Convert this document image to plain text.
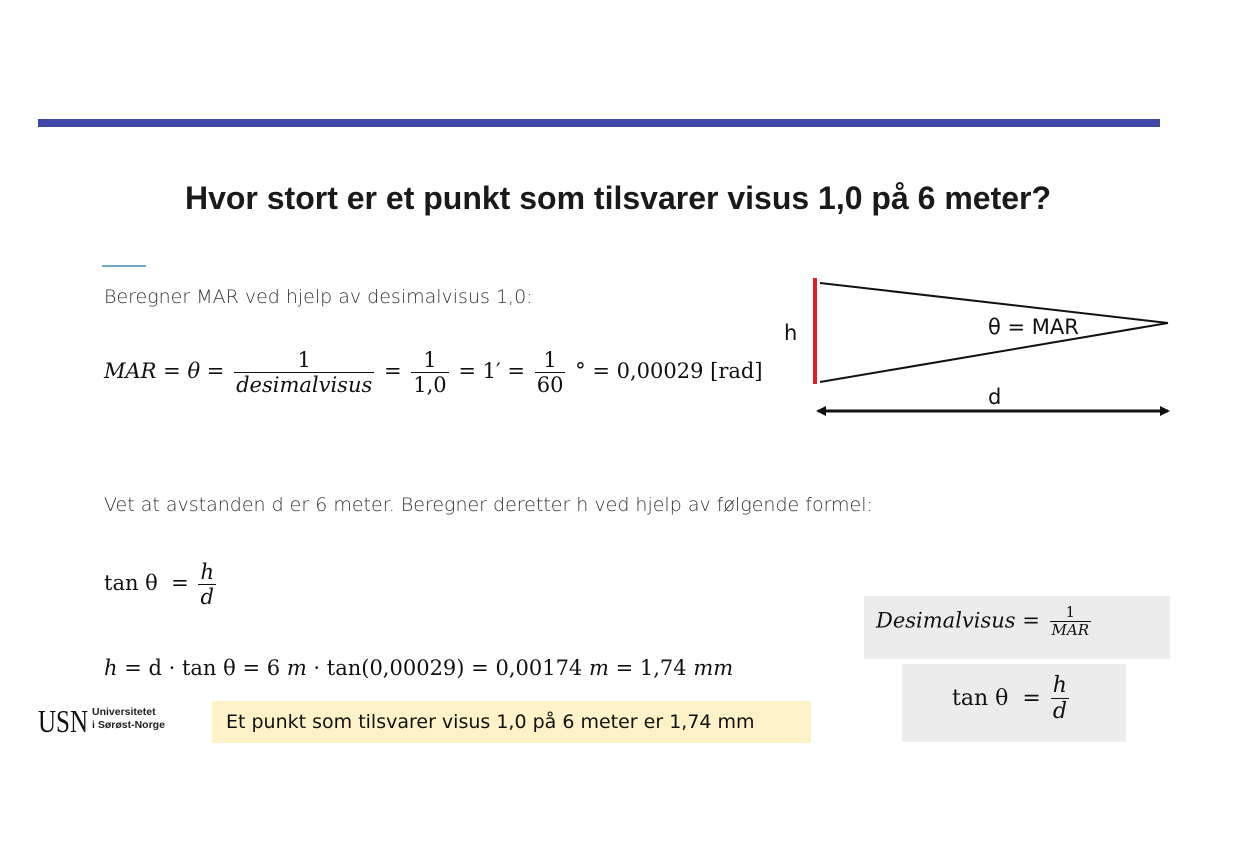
Hvor stort er et punkt som tilsvarer visus 1,0 på 6 meter?
Beregner MAR ved hjelp av desimalvisus 1,0:
MAR = $\theta = \frac{1}{\text{desimalvisus}} = \frac{1}{1,0} = 1' = \frac{1}{60}$ ° = 0,00029 [rad]
h	θ = MAR
d
Vet at avstanden d er 6 meter. Beregner deretter h ved hjelp av følgende formel:
$\tan \theta = \frac{h}{d}$
h = d · tan θ = 6 m · tan(0,00029) = 0,00174 m = 1,74 mm
Desimalvisus = $\frac{1}{\text{MAR}}$
$\tan \theta = \frac{h}{d}$
USN Universitetet
i Sørøst-Norge	Et punkt som tilsvarer visus 1,0 på 6 meter er 1,74 mm
